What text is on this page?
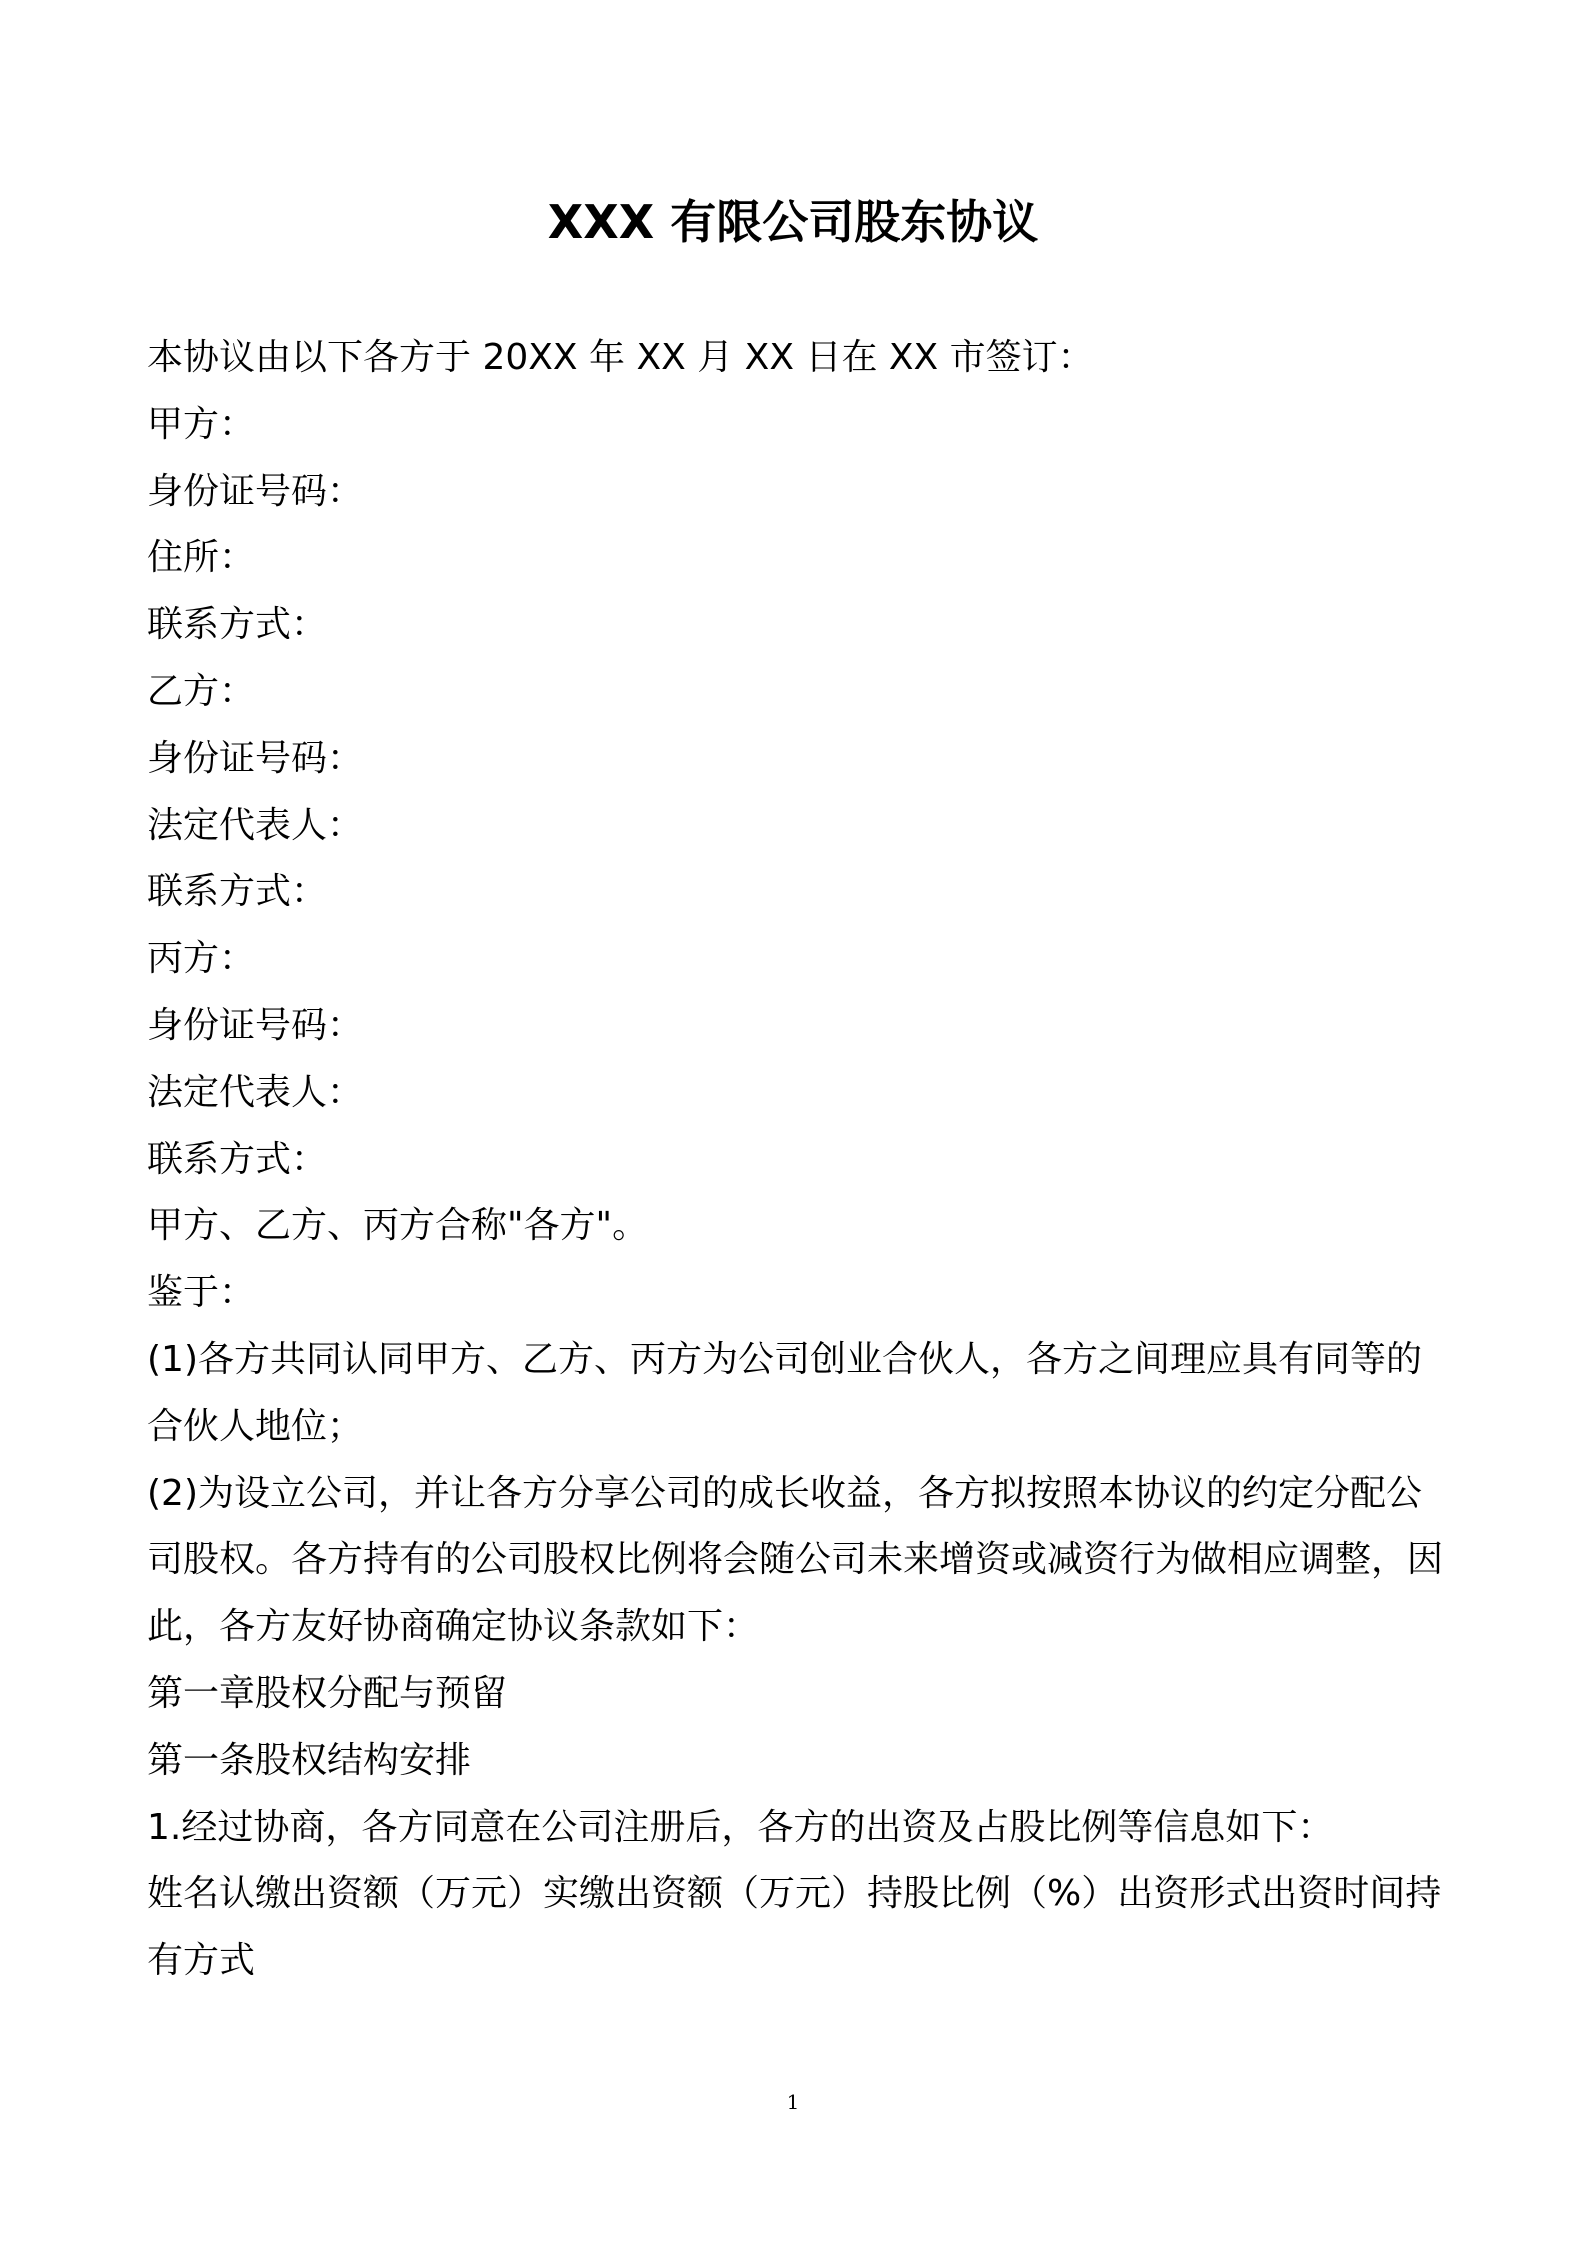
XXX 有限公司股东协议
本协议由以下各方于 20XX 年 XX 月 XX 日在 XX 市签订：
甲方：
身份证号码：
住所：
联系方式：
乙方：
身份证号码：
法定代表人：
联系方式：
丙方：
身份证号码：
法定代表人：
联系方式：
甲方、乙方、丙方合称"各方"。
鉴于：
(1)各方共同认同甲方、乙方、丙方为公司创业合伙人，各方之间理应具有同等的合伙人地位；
(2)为设立公司，并让各方分享公司的成长收益，各方拟按照本协议的约定分配公司股权。各方持有的公司股权比例将会随公司未来增资或减资行为做相应调整，因此，各方友好协商确定协议条款如下：
第一章股权分配与预留
第一条股权结构安排
1.经过协商，各方同意在公司注册后，各方的出资及占股比例等信息如下：
姓名认缴出资额（万元）实缴出资额（万元）持股比例（%）出资形式出资时间持有方式
1
